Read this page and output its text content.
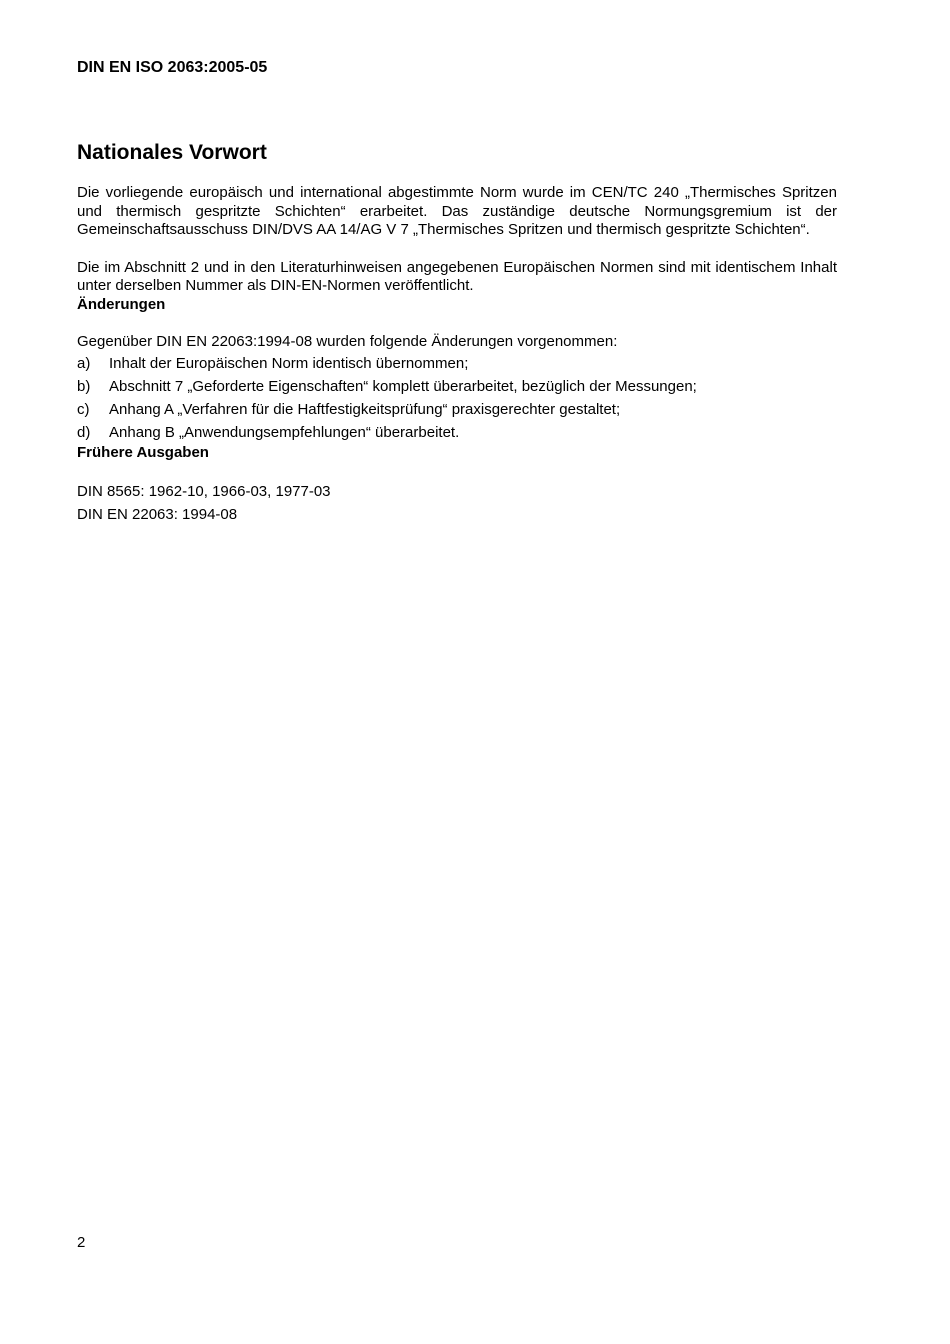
DIN EN ISO 2063:2005-05

Nationales Vorwort

Die vorliegende europäisch und international abgestimmte Norm wurde im CEN/TC 240 „Thermisches Spritzen und thermisch gespritzte Schichten“ erarbeitet. Das zuständige deutsche Normungsgremium ist der Gemeinschaftsausschuss DIN/DVS AA 14/AG V 7 „Thermisches Spritzen und thermisch gespritzte Schichten“.

Die im Abschnitt 2 und in den Literaturhinweisen angegebenen Europäischen Normen sind mit identischem Inhalt unter derselben Nummer als DIN-EN-Normen veröffentlicht.

Änderungen

Gegenüber DIN EN 22063:1994-08 wurden folgende Änderungen vorgenommen:

a)	Inhalt der Europäischen Norm identisch übernommen;
b)	Abschnitt 7 „Geforderte Eigenschaften“ komplett überarbeitet, bezüglich der Messungen;
c)	Anhang A „Verfahren für die Haftfestigkeitsprüfung“ praxisgerechter gestaltet;
d)	Anhang B „Anwendungsempfehlungen“ überarbeitet.

Frühere Ausgaben

DIN 8565: 1962-10, 1966-03, 1977-03

DIN EN 22063: 1994-08

2
